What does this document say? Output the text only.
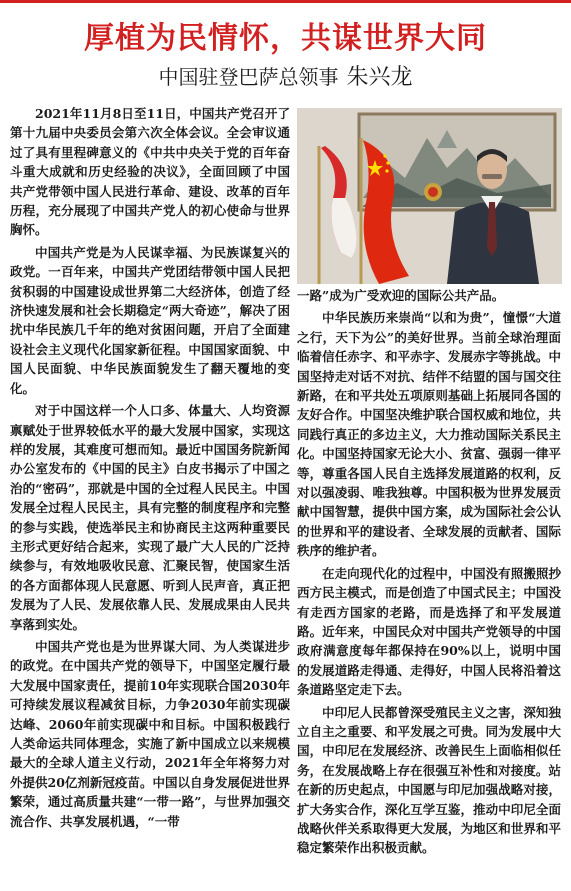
厚植为民情怀，共谋世界大同
中国驻登巴萨总领事 朱兴龙

2021年11月8日至11日，中国共产党召开了第十九届中央委员会第六次全体会议。全会审议通过了具有里程碑意义的《中共中央关于党的百年奋斗重大成就和历史经验的决议》，全面回顾了中国共产党带领中国人民进行革命、建设、改革的百年历程，充分展现了中国共产党人的初心使命与世界胸怀。

中国共产党是为人民谋幸福、为民族谋复兴的政党。一百年来，中国共产党团结带领中国人民把贫积弱的中国建设成世界第二大经济体，创造了经济快速发展和社会长期稳定“两大奇迹”，解决了困扰中华民族几千年的绝对贫困问题，开启了全面建设社会主义现代化国家新征程。中国国家面貌、中国人民面貌、中华民族面貌发生了翻天覆地的变化。

对于中国这样一个人口多、体量大、人均资源禀赋处于世界较低水平的最大发展中国家，实现这样的发展，其难度可想而知。最近中国国务院新闻办公室发布的《中国的民主》白皮书揭示了中国之治的“密码”，那就是中国的全过程人民民主。中国发展全过程人民民主，具有完整的制度程序和完整的参与实践，使选举民主和协商民主这两种重要民主形式更好结合起来，实现了最广大人民的广泛持续参与，有效地吸收民意、汇聚民智，使国家生活的各方面都体现人民意愿、听到人民声音，真正把发展为了人民、发展依靠人民、发展成果由人民共享落到实处。

中国共产党也是为世界谋大同、为人类谋进步的政党。在中国共产党的领导下，中国坚定履行最大发展中国家责任，提前10年实现联合国2030年可持续发展议程减贫目标，力争2030年前实现碳达峰、2060年前实现碳中和目标。中国积极践行人类命运共同体理念，实施了新中国成立以来规模最大的全球人道主义行动，2021年全年将努力对外提供20亿剂新冠疫苗。中国以自身发展促进世界繁荣，通过高质量共建“一带一路”，与世界加强交流合作、共享发展机遇，“一带

一路”成为广受欢迎的国际公共产品。

中华民族历来崇尚“以和为贵”，憧憬“大道之行，天下为公”的美好世界。当前全球治理面临着信任赤字、和平赤字、发展赤字等挑战。中国坚持走对话不对抗、结伴不结盟的国与国交往新路，在和平共处五项原则基础上拓展同各国的友好合作。中国坚决维护联合国权威和地位，共同践行真正的多边主义，大力推动国际关系民主化。中国坚持国家无论大小、贫富、强弱一律平等，尊重各国人民自主选择发展道路的权利，反对以强凌弱、唯我独尊。中国积极为世界发展贡献中国智慧，提供中国方案，成为国际社会公认的世界和平的建设者、全球发展的贡献者、国际秩序的维护者。

在走向现代化的过程中，中国没有照搬照抄西方民主模式，而是创造了中国式民主；中国没有走西方国家的老路，而是选择了和平发展道路。近年来，中国民众对中国共产党领导的中国政府满意度每年都保持在90%以上，说明中国的发展道路走得通、走得好，中国人民将沿着这条道路坚定走下去。

中印尼人民都曾深受殖民主义之害，深知独立自主之重要、和平发展之可贵。同为发展中大国，中印尼在发展经济、改善民生上面临相似任务，在发展战略上存在很强互补性和对接度。站在新的历史起点，中国愿与印尼加强战略对接，扩大务实合作，深化互学互鉴，推动中印尼全面战略伙伴关系取得更大发展，为地区和世界和平稳定繁荣作出积极贡献。
